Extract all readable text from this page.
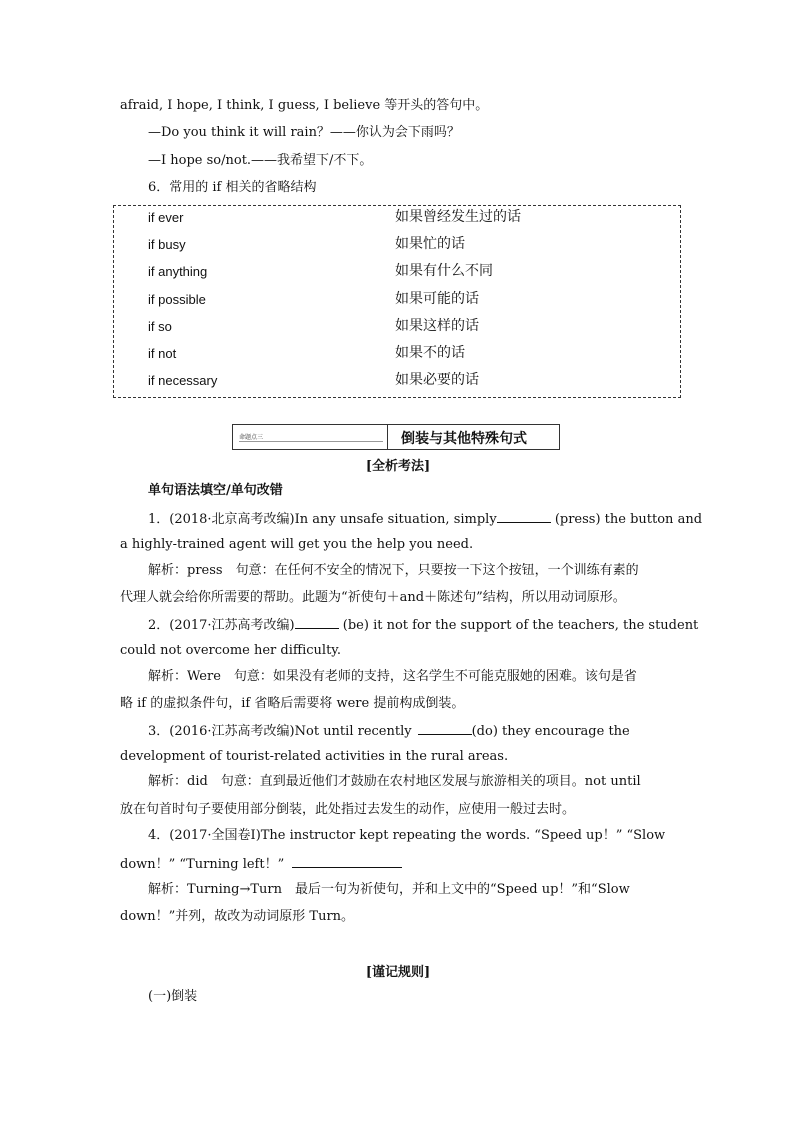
afraid, I hope, I think, I guess, I believe 等开头的答句中。
—Do you think it will rain？——你认为会下雨吗？
—I hope so/not.——我希望下/不下。
6．常用的 if 相关的省略结构
if ever	如果曾经发生过的话
if busy	如果忙的话
if anything	如果有什么不同
if possible	如果可能的话
if so	如果这样的话
if not	如果不的话
if necessary	如果必要的话
命题点三	倒装与其他特殊句式
[全析考法]
单句语法填空/单句改错
1．(2018·北京高考改编)In any unsafe situation, simply	(press) the button and
a highly-trained agent will get you the help you need.
解析：press　句意：在任何不安全的情况下，只要按一下这个按钮，一个训练有素的
代理人就会给你所需要的帮助。此题为“祈使句＋and＋陈述句”结构，所以用动词原形。
2．(2017·江苏高考改编)	(be) it not for the support of the teachers, the student
could not overcome her difficulty.
解析：Were　句意：如果没有老师的支持，这名学生不可能克服她的困难。该句是省
略 if 的虚拟条件句，if 省略后需要将 were 提前构成倒装。
3．(2016·江苏高考改编)Not until recently	(do) they encourage the
development of tourist-related activities in the rural areas.
解析：did　句意：直到最近他们才鼓励在农村地区发展与旅游相关的项目。not until
放在句首时句子要使用部分倒装，此处指过去发生的动作，应使用一般过去时。
4．(2017·全国卷Ⅰ)The instructor kept repeating the words. “Speed up！” “Slow
down！” “Turning left！”
解析：Turning→Turn　最后一句为祈使句，并和上文中的“Speed up！”和“Slow
down！”并列，故改为动词原形 Turn。
[谨记规则]
(一)倒装
